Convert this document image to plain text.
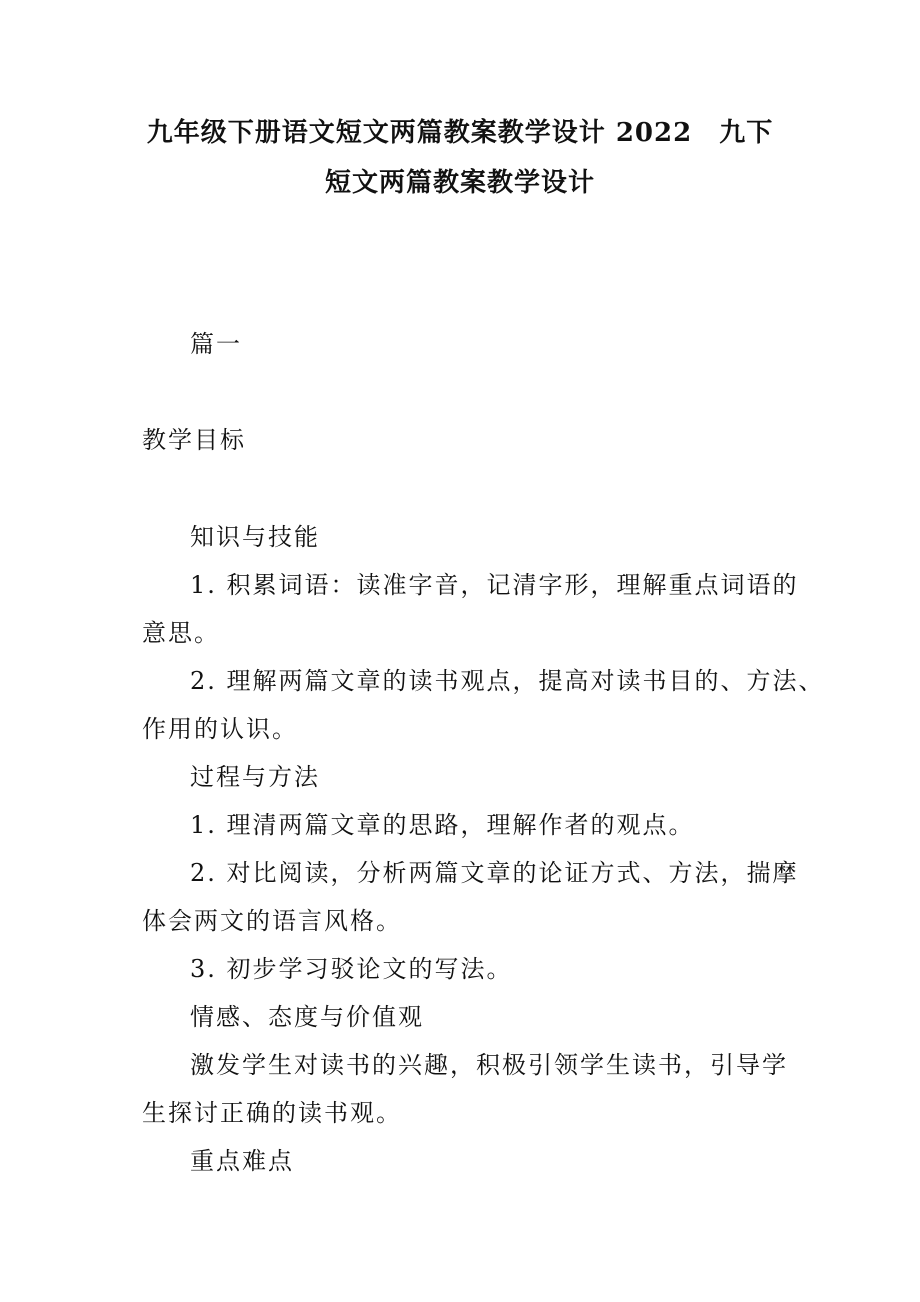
九年级下册语文短文两篇教案教学设计 2022　九下
短文两篇教案教学设计
篇一
教学目标
知识与技能
1. 积累词语：读准字音，记清字形，理解重点词语的
意思。
2. 理解两篇文章的读书观点，提高对读书目的、方法、
作用的认识。
过程与方法
1. 理清两篇文章的思路，理解作者的观点。
2. 对比阅读，分析两篇文章的论证方式、方法，揣摩
体会两文的语言风格。
3. 初步学习驳论文的写法。
情感、态度与价值观
激发学生对读书的兴趣，积极引领学生读书，引导学
生探讨正确的读书观。
重点难点
